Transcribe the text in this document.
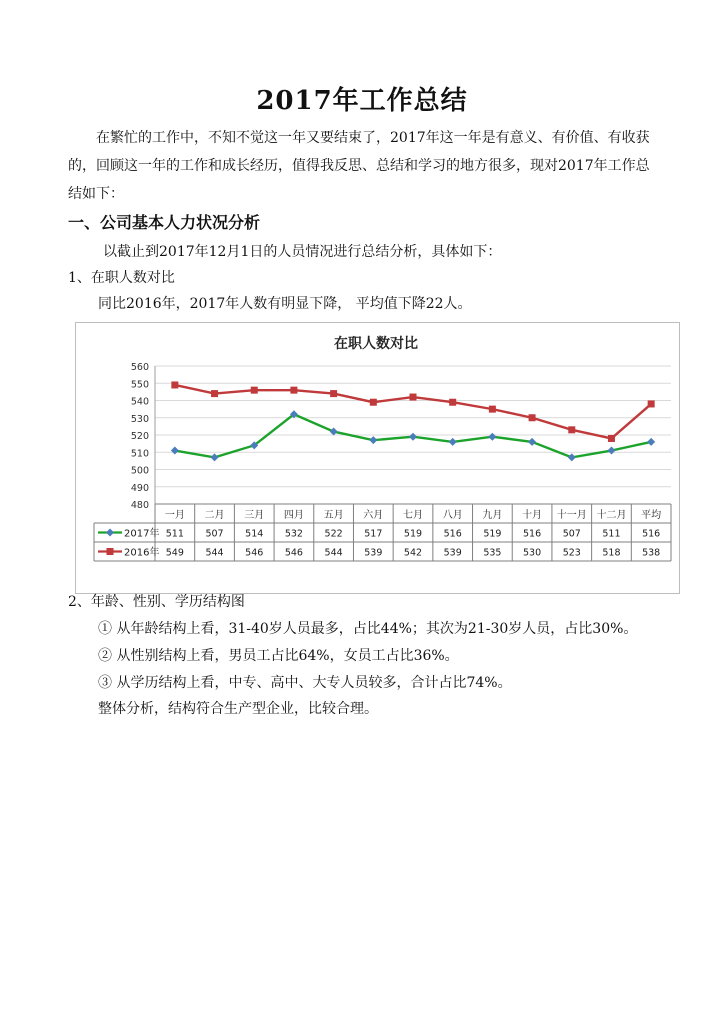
2017年工作总结
在繁忙的工作中，不知不觉这一年又要结束了，2017年这一年是有意义、有价值、有收获的，回顾这一年的工作和成长经历，值得我反思、总结和学习的地方很多，现对2017年工作总结如下：
一、公司基本人力状况分析
以截止到2017年12月1日的人员情况进行总结分析，具体如下：
1、在职人数对比
同比2016年，2017年人数有明显下降， 平均值下降22人。
在职人数对比
480
490
500
510
520
530
540
550
560
一月 二月 三月 四月 五月 六月 七月 八月 九月 十月 十一月 十二月 平均
2017年 511 507 514 532 522 517 519 516 519 516 507 511 516
2016年 549 544 546 546 544 539 542 539 535 530 523 518 538
2、年龄、性别、学历结构图
① 从年龄结构上看，31-40岁人员最多，占比44%；其次为21-30岁人员，占比30%。
② 从性别结构上看，男员工占比64%，女员工占比36%。
③ 从学历结构上看，中专、高中、大专人员较多，合计占比74%。
整体分析，结构符合生产型企业，比较合理。
